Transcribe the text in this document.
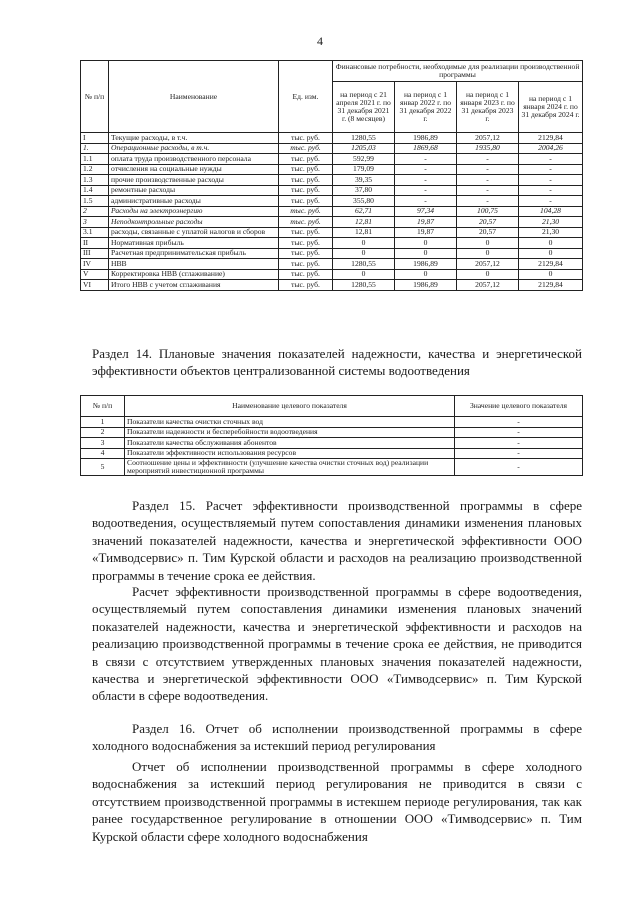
4
№ п/п	Наименование	Ед. изм.	Финансовые потребности, необходимые для реализации производственной программы			
			на период с 21 апреля 2021 г. по 31 декабря 2021 г. (8 месяцев)	на период с 1 январ 2022 г. по 31 декабря 2022 г.	на период с 1 января 2023 г. по 31 декабря 2023 г.	на период с 1 января 2024 г. по 31 декабря 2024 г.
I	Текущие расходы, в т.ч.	тыс. руб.	1280,55	1986,89	2057,12	2129,84
1.	Операционные расходы, в т.ч.	тыс. руб.	1205,03	1869,68	1935,80	2004,26
1.1	оплата труда производственного персонала	тыс. руб.	592,99	-	-	-
1.2	отчисления на социальные нужды	тыс. руб.	179,09	-	-	-
1.3	прочие производственные расходы	тыс. руб.	39,35	-	-	-
1.4	ремонтные расходы	тыс. руб.	37,80	-	-	-
1.5	административные расходы	тыс. руб.	355,80	-	-	-
2	Расходы на электроэнергию	тыс. руб.	62,71	97,34	100,75	104,28
3	Неподконтрольные расходы	тыс. руб.	12,81	19,87	20,57	21,30
3.1	расходы, связанные с уплатой налогов и сборов	тыс. руб.	12,81	19,87	20,57	21,30
II	Нормативная прибыль	тыс. руб.	0	0	0	0
III	Расчетная предпринимательская прибыль	тыс. руб.	0	0	0	0
IV	НВВ	тыс. руб.	1280,55	1986,89	2057,12	2129,84
V	Корректировка НВВ (сглаживание)	тыс. руб.	0	0	0	0
VI	Итого НВВ с учетом сглаживания	тыс. руб.	1280,55	1986,89	2057,12	2129,84
Раздел 14. Плановые значения показателей надежности, качества и энергетической эффективности объектов централизованной системы водоотведения
№ п/п	Наименование целевого показателя	Значение целевого показателя
1	Показатели качества очистки сточных вод	-
2	Показатели надежности и бесперебойности водоотведения	-
3	Показатели качества обслуживания абонентов	-
4	Показатели эффективности использования ресурсов	-
5	Соотношение цены и эффективности (улучшение качества очистки сточных вод) реализации мероприятий инвестиционной программы	-
Раздел 15. Расчет эффективности производственной программы в сфере водоотведения, осуществляемый путем сопоставления динамики изменения плановых значений показателей надежности, качества и энергетической эффективности ООО «Тимводсервис» п. Тим Курской области и расходов на реализацию производственной программы в течение срока ее действия.
Расчет эффективности производственной программы в сфере водоотведения, осуществляемый путем сопоставления динамики изменения плановых значений показателей надежности, качества и энергетической эффективности и расходов на реализацию производственной программы в течение срока ее действия, не приводится в связи с отсутствием утвержденных плановых значения показателей надежности, качества и энергетической эффективности ООО «Тимводсервис» п. Тим Курской области в сфере водоотведения.
Раздел 16. Отчет об исполнении производственной программы в сфере холодного водоснабжения за истекший период регулирования
Отчет об исполнении производственной программы в сфере холодного водоснабжения за истекший период регулирования не приводится в связи с отсутствием производственной программы в истекшем периоде регулирования, так как ранее государственное регулирование в отношении ООО «Тимводсервис» п. Тим Курской области сфере холодного водоснабжения
